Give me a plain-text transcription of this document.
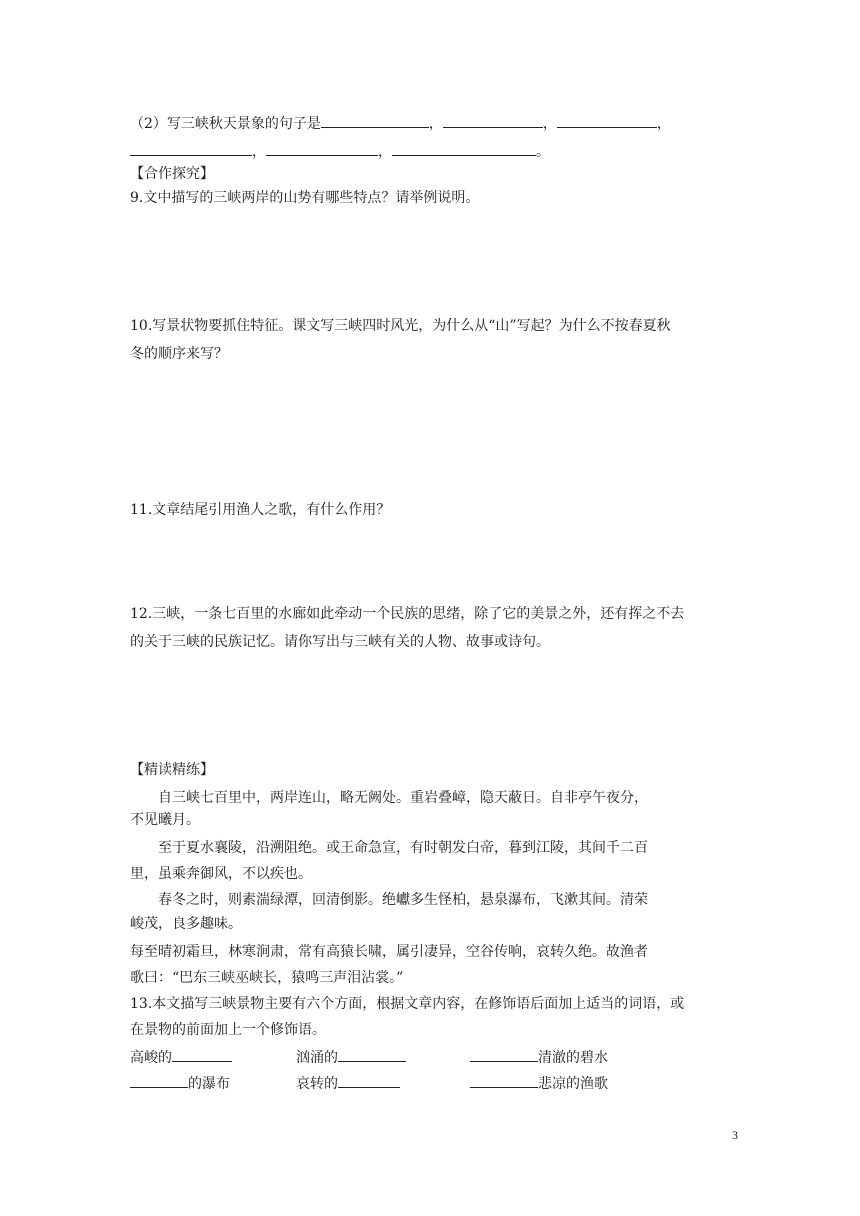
（2）写三峡秋天景象的句子是	，	，	，
，	，	。
【合作探究】
9.文中描写的三峡两岸的山势有哪些特点？请举例说明。
10.写景状物要抓住特征。课文写三峡四时风光，为什么从“山”写起？为什么不按春夏秋
冬的顺序来写？
11.文章结尾引用渔人之歌，有什么作用？
12.三峡，一条七百里的水廊如此牵动一个民族的思绪，除了它的美景之外，还有挥之不去
的关于三峡的民族记忆。请你写出与三峡有关的人物、故事或诗句。
【精读精练】
自三峡七百里中，两岸连山，略无阙处。重岩叠嶂，隐天蔽日。自非亭午夜分，
不见曦月。
至于夏水襄陵，沿溯阻绝。或王命急宣，有时朝发白帝，暮到江陵，其间千二百
里，虽乘奔御风，不以疾也。
春冬之时，则素湍绿潭，回清倒影。绝巘多生怪柏，悬泉瀑布，飞漱其间。清荣
峻茂，良多趣味。
每至晴初霜旦，林寒涧肃，常有高猿长啸，属引凄异，空谷传响，哀转久绝。故渔者
歌曰：“巴东三峡巫峡长，猿鸣三声泪沾裳。”
13.本文描写三峡景物主要有六个方面，根据文章内容，在修饰语后面加上适当的词语，或
在景物的前面加上一个修饰语。
高峻的	汹涌的	清澈的碧水
的瀑布	哀转的	悲凉的渔歌
3
